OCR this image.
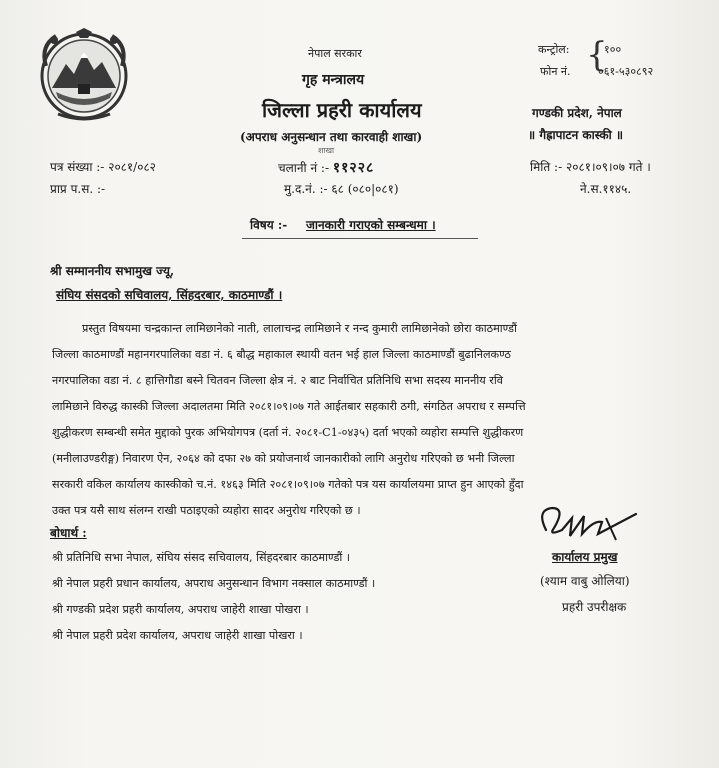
नेपाल सरकार
गृह मन्त्रालय
जिल्ला प्रहरी कार्यालय
(अपराध अनुसन्धान तथा कारवाही शाखा)
शाखा
कन्ट्रोल:
फोन नं. {
१००
०६१-५३०८९२
गण्डकी प्रदेश, नेपाल
॥ गैह्रापाटन कास्की ॥
पत्र संख्या :- २०८१/०८२
प्राप्र प.स. :-
चलानी नं :- ११२२८
मु.द.नं. :- ६८ (०८०|०८१)
मिति :- २०८१।०९।०७ गते ।
ने.स.११४५.
विषय :- जानकारी गराएको सम्बन्धमा ।
श्री सम्माननीय सभामुख ज्यू,
संघिय संसदको सचिवालय, सिंहदरबार, काठमाण्डौं ।
प्रस्तुत विषयमा चन्द्रकान्त लामिछानेको नाती, लालाचन्द्र लामिछाने र नन्द कुमारी लामिछानेको छोरा काठमाण्डौं
जिल्ला काठमाण्डौं महानगरपालिका वडा नं. ६ बौद्ध महाकाल स्थायी वतन भई हाल जिल्ला काठमाण्डौं बुढानिलकण्ठ
नगरपालिका वडा नं. ८ हात्तिगौडा बस्ने चितवन जिल्ला क्षेत्र नं. २ बाट निर्वाचित प्रतिनिधि सभा सदस्य माननीय रवि
लामिछाने विरुद्ध कास्की जिल्ला अदालतमा मिति २०८१।०९।०७ गते आईतबार सहकारी ठगी, संगठित अपराध र सम्पत्ति
शुद्धीकरण सम्बन्धी समेत मुद्दाको पुरक अभियोगपत्र (दर्ता नं. २०८१-C1-०४३५) दर्ता भएको व्यहोरा सम्पत्ति शुद्धीकरण
(मनीलाउण्डरीङ्ग) निवारण ऐन, २०६४ को दफा २७ को प्रयोजनार्थ जानकारीको लागि अनुरोध गरिएको छ भनी जिल्ला
सरकारी वकिल कार्यालय कास्कीको च.नं. १४६३ मिति २०८१।०९।०७ गतेको पत्र यस कार्यालयमा प्राप्त हुन आएको हुँदा
उक्त पत्र यसै साथ संलग्न राखी पठाइएको व्यहोरा सादर अनुरोध गरिएको छ ।
कार्यालय प्रमुख
(श्याम वाबु ओलिया)
प्रहरी उपरीक्षक
बोधार्थ :
श्री प्रतिनिधि सभा नेपाल, संघिय संसद सचिवालय, सिंहदरबार काठमाण्डौं ।
श्री नेपाल प्रहरी प्रधान कार्यालय, अपराध अनुसन्धान विभाग नक्साल काठमाण्डौं ।
श्री गण्डकी प्रदेश प्रहरी कार्यालय, अपराध जाहेरी शाखा पोखरा ।
श्री नेपाल प्रहरी प्रदेश कार्यालय, अपराध जाहेरी शाखा पोखरा ।
